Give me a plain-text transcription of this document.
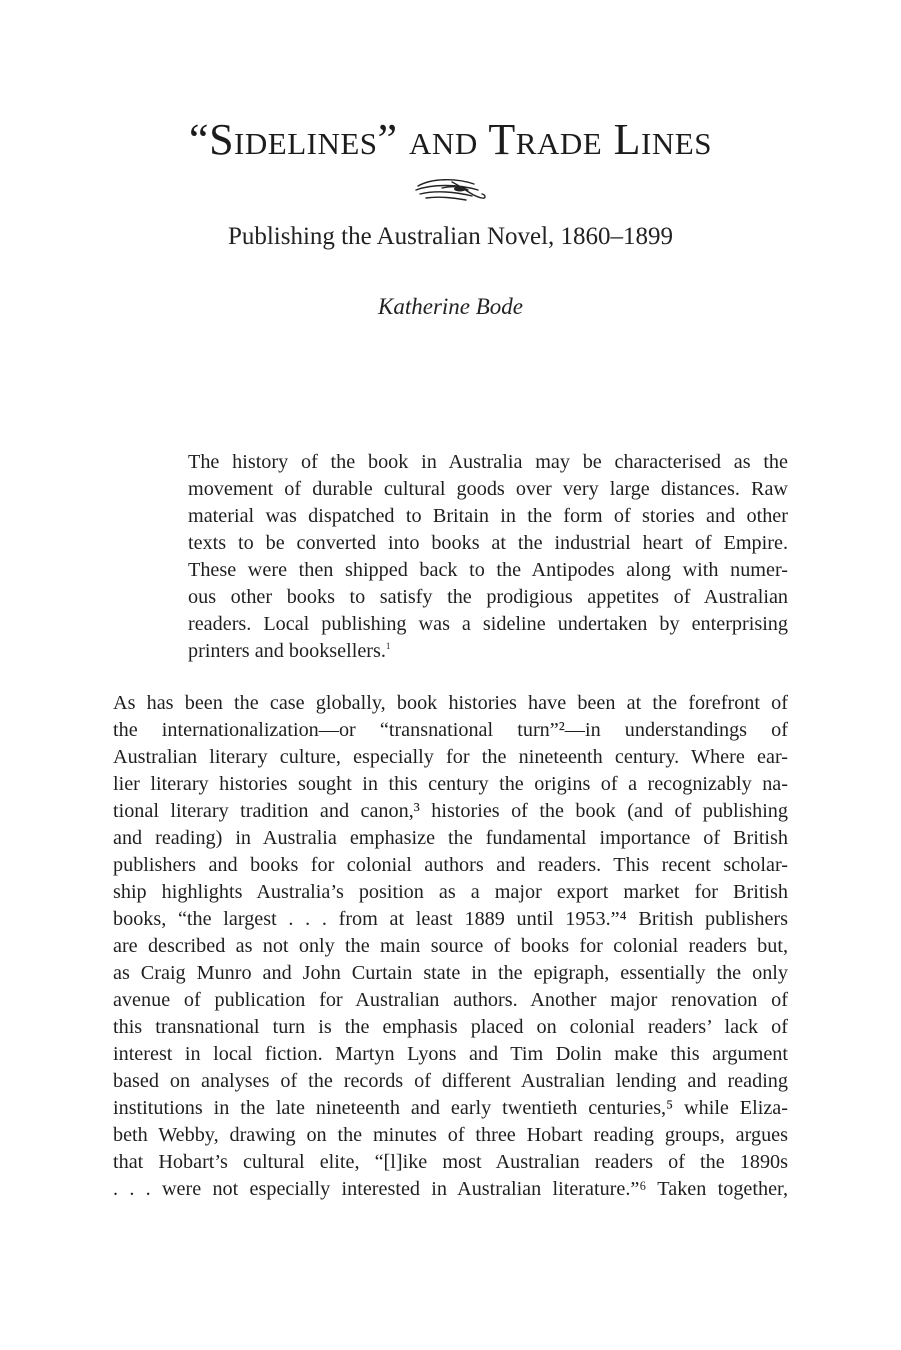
“Sidelines” and Trade Lines
Publishing the Australian Novel, 1860–1899
Katherine Bode
The history of the book in Australia may be characterised as the
movement of durable cultural goods over very large distances. Raw
material was dispatched to Britain in the form of stories and other
texts to be converted into books at the industrial heart of Empire.
These were then shipped back to the Antipodes along with numer-
ous other books to satisfy the prodigious appetites of Australian
readers. Local publishing was a sideline undertaken by enterprising
printers and booksellers.$^1$
As has been the case globally, book histories have been at the forefront of
the internationalization—or “transnational turn”²—in understandings of
Australian literary culture, especially for the nineteenth century. Where ear-
lier literary histories sought in this century the origins of a recognizably na-
tional literary tradition and canon,³ histories of the book (and of publishing
and reading) in Australia emphasize the fundamental importance of British
publishers and books for colonial authors and readers. This recent scholar-
ship highlights Australia’s position as a major export market for British
books, “the largest . . . from at least 1889 until 1953.”⁴ British publishers
are described as not only the main source of books for colonial readers but,
as Craig Munro and John Curtain state in the epigraph, essentially the only
avenue of publication for Australian authors. Another major renovation of
this transnational turn is the emphasis placed on colonial readers’ lack of
interest in local fiction. Martyn Lyons and Tim Dolin make this argument
based on analyses of the records of different Australian lending and reading
institutions in the late nineteenth and early twentieth centuries,⁵ while Eliza-
beth Webby, drawing on the minutes of three Hobart reading groups, argues
that Hobart’s cultural elite, “[l]ike most Australian readers of the 1890s
. . . were not especially interested in Australian literature.”⁶ Taken together,
